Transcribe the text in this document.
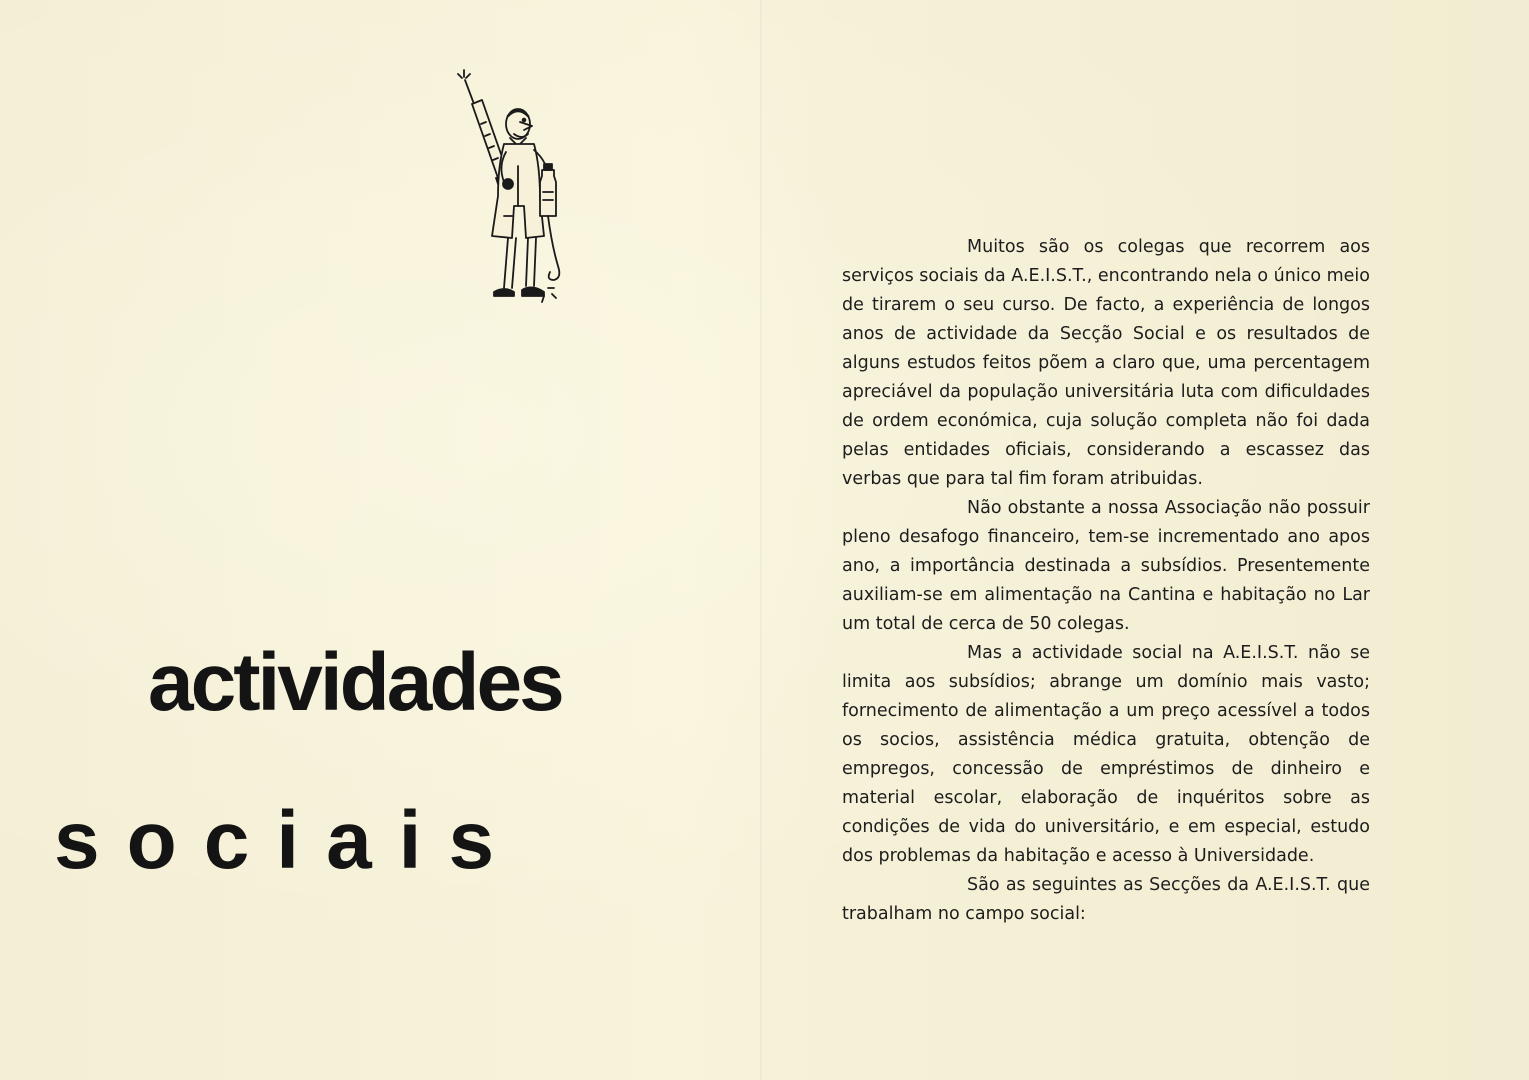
actividades
sociais

Muitos são os colegas que recorrem aos serviços sociais da A.E.I.S.T., encontrando nela o único meio de tirarem o seu curso. De facto, a experiência de longos anos de actividade da Secção Social e os resultados de alguns estudos feitos põem a claro que, uma percentagem apreciável da população universitária luta com dificuldades de ordem económica, cuja solução completa não foi dada pelas entidades oficiais, considerando a escassez das verbas que para tal fim foram atribuidas.

Não obstante a nossa Associação não possuir pleno desafogo financeiro, tem-se incrementado ano apos ano, a importância destinada a subsídios. Presentemente auxiliam-se em alimentação na Cantina e habitação no Lar um total de cerca de 50 colegas.

Mas a actividade social na A.E.I.S.T. não se limita aos subsídios; abrange um domínio mais vasto; fornecimento de alimentação a um preço acessível a todos os socios, assistência médica gratuita, obtenção de empregos, concessão de empréstimos de dinheiro e material escolar, elaboração de inquéritos sobre as condições de vida do universitário, e em especial, estudo dos problemas da habitação e acesso à Universidade.

São as seguintes as Secções da A.E.I.S.T. que trabalham no campo social:
